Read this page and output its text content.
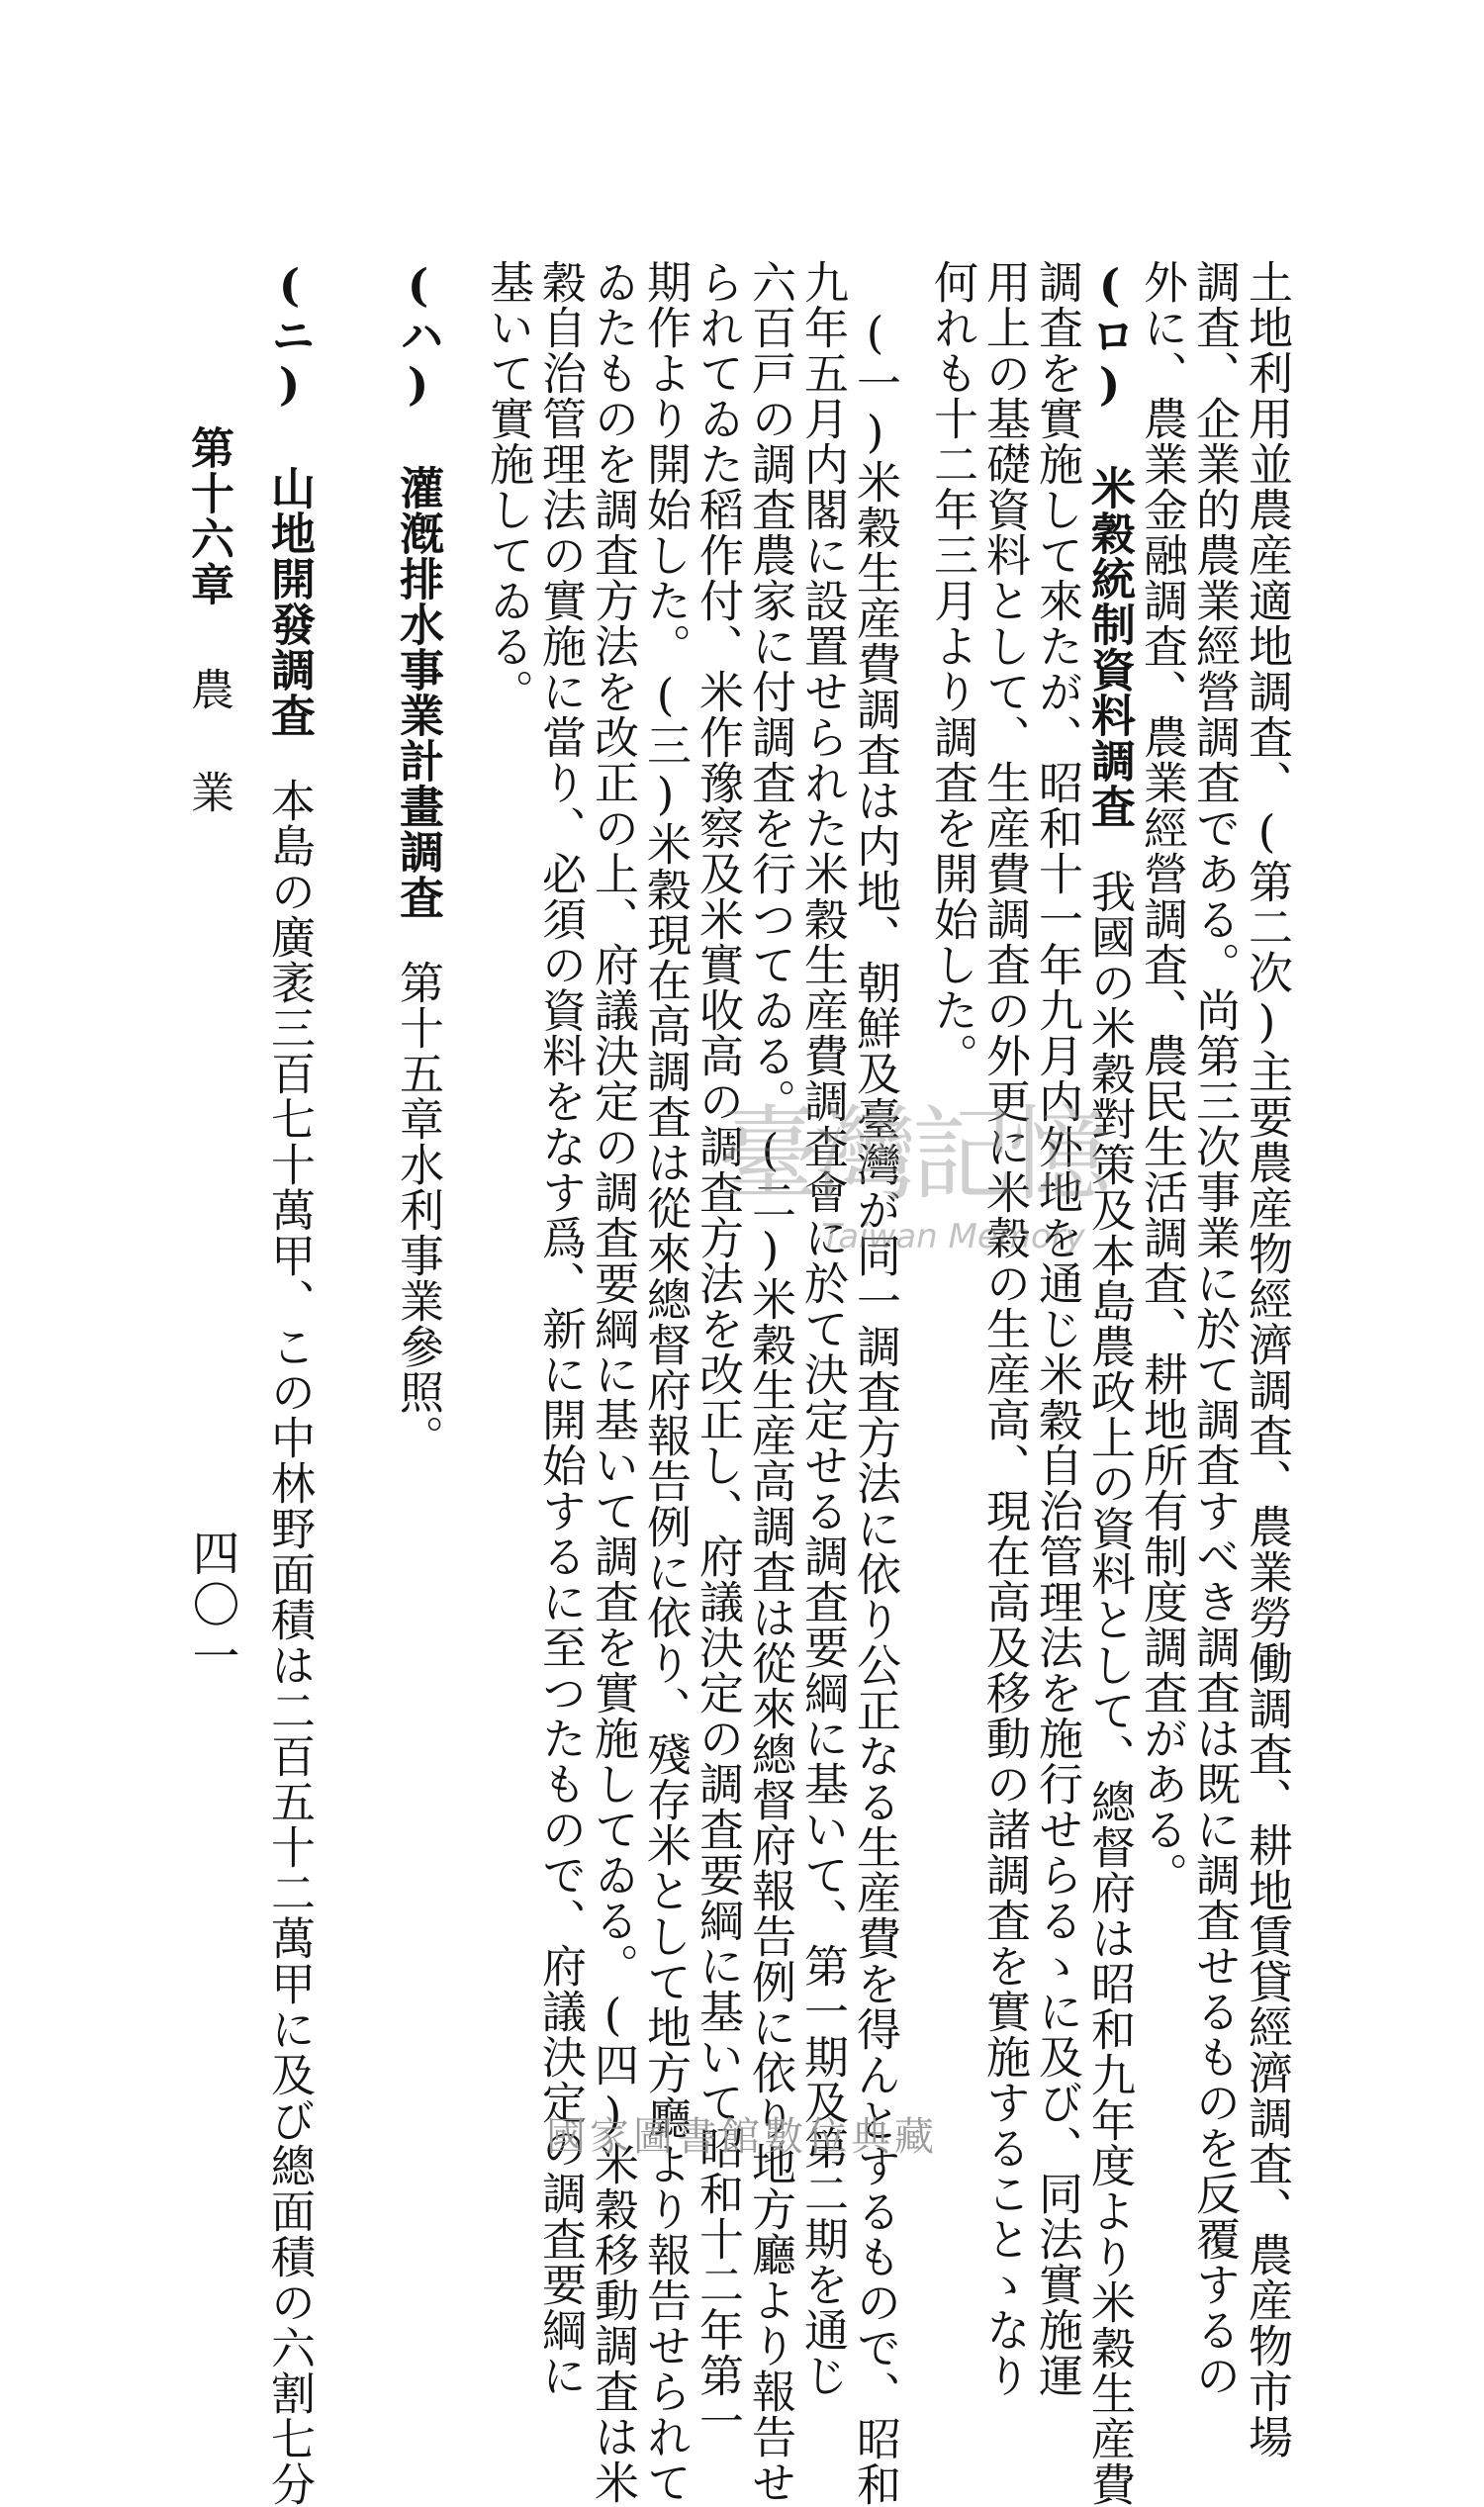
土地利用並農産適地調査、(第二次)主要農産物經濟調査、農業勞働調査、耕地賃貸經濟調査、農産物市場
調査、企業的農業經營調査である。尚第三次事業に於て調査すべき調査は既に調査せるものを反覆するの
外に、農業金融調査、農業經營調査、農民生活調査、耕地所有制度調査がある。
(ロ) 米穀統制資料調査我國の米穀對策及本島農政上の資料として、總督府は昭和九年度より米穀生産費
調査を實施して來たが、昭和十一年九月内外地を通じ米穀自治管理法を施行せらるゝに及び、同法實施運
用上の基礎資料として、生産費調査の外更に米穀の生産高、現在高及移動の諸調査を實施することゝなり
何れも十二年三月より調査を開始した。
(一)米穀生産費調査は内地、朝鮮及臺灣が同一調査方法に依り公正なる生産費を得んとするもので、昭和
九年五月内閣に設置せられた米穀生産費調査會に於て決定せる調査要綱に基いて、第一期及第二期を通じ
六百戸の調査農家に付調査を行つてゐる。(二)米穀生産高調査は從來總督府報告例に依り地方廳より報告せ
られてゐた稻作付、米作豫察及米實收高の調査方法を改正し、府議決定の調査要綱に基いて昭和十二年第一
期作より開始した。(三)米穀現在高調査は從來總督府報告例に依り、殘存米として地方廳より報告せられて
ゐたものを調査方法を改正の上、府議決定の調査要綱に基いて調査を實施してゐる。(四)米穀移動調査は米
穀自治管理法の實施に當り、必須の資料をなす爲、新に開始するに至つたもので、府議決定の調査要綱に
基いて實施してゐる。
(ハ) 灌漑排水事業計畫調査第十五章水利事業參照。
(ニ) 山地開發調査本島の廣袤三百七十萬甲、この中林野面積は二百五十二萬甲に及び總面積の六割七分
第十六章農業
四〇一
臺灣記憶
Taiwan Memory
國家圖書館數位典藏
